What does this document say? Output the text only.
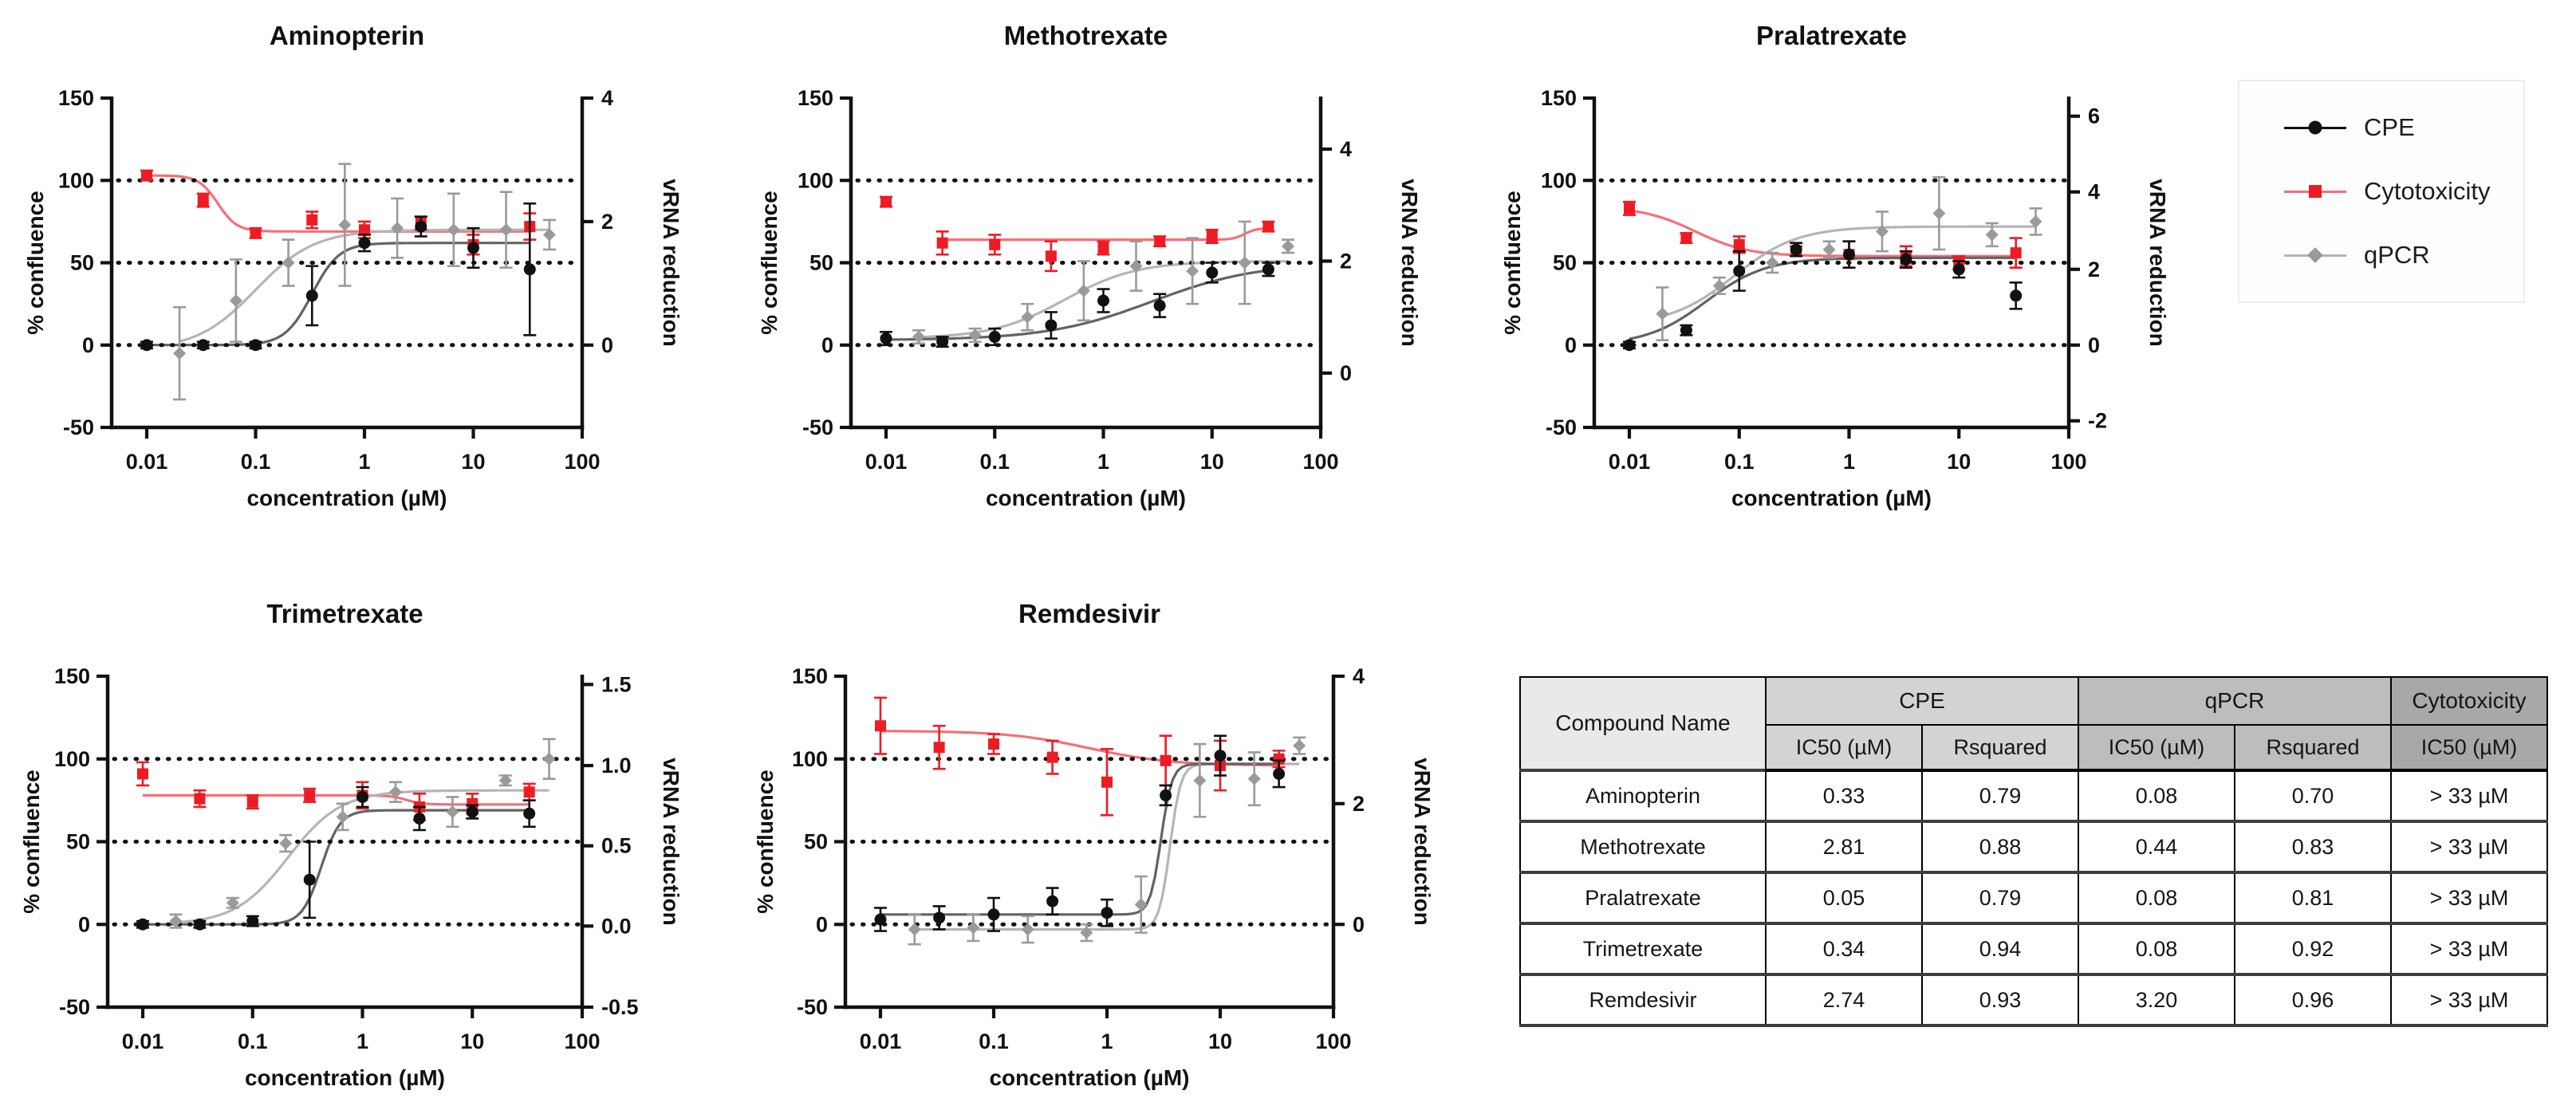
Aminopterin
150
100
50
0
-50
0.01	0.1	1	10	100
4
2
0
% confluence	vRNA reduction
concentration (µM)
Methotrexate
150
100
50
0
-50
0.01	0.1	1	10	100
4
2
0
% confluence	vRNA reduction
concentration (µM)
Pralatrexate
150
100
50
0
-50
0.01	0.1	1	10	100
6
4
2
0
-2
% confluence	vRNA reduction
concentration (µM)
Trimetrexate
150
100
50
0
-50
0.01	0.1	1	10	100
1.5
1.0
0.5
0.0
-0.5
% confluence	vRNA reduction
concentration (µM)
Remdesivir
150
100
50
0
-50
0.01	0.1	1	10	100
4
2
0
% confluence	vRNA reduction
concentration (µM)
CPE
Cytotoxicity
qPCR
Compound Name	CPE		qPCR		Cytotoxicity
	IC50 (µM)	Rsquared	IC50 (µM)	Rsquared	IC50 (µM)
Aminopterin	0.33	0.79	0.08	0.70	> 33 µM
Methotrexate	2.81	0.88	0.44	0.83	> 33 µM
Pralatrexate	0.05	0.79	0.08	0.81	> 33 µM
Trimetrexate	0.34	0.94	0.08	0.92	> 33 µM
Remdesivir	2.74	0.93	3.20	0.96	> 33 µM
